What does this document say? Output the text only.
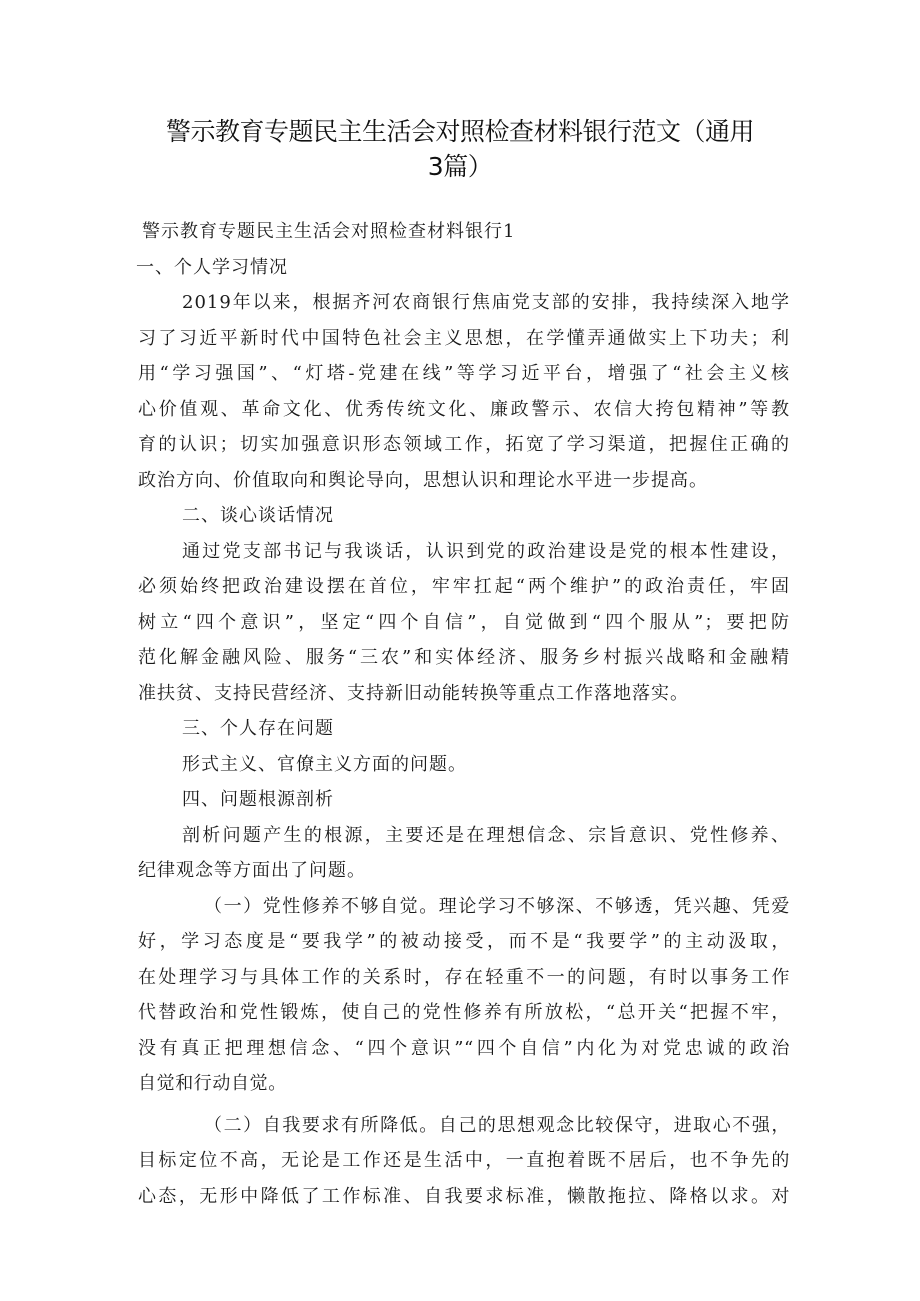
警示教育专题民主生活会对照检查材料银行范文（通用
3篇）
警示教育专题民主生活会对照检查材料银行1
一、个人学习情况
2019年以来，根据齐河农商银行焦庙党支部的安排，我持续深入地学
习了习近平新时代中国特色社会主义思想，在学懂弄通做实上下功夫；利
用“学习强国”、“灯塔-党建在线”等学习近平台，增强了“社会主义核
心价值观、革命文化、优秀传统文化、廉政警示、农信大挎包精神”等教
育的认识；切实加强意识形态领域工作，拓宽了学习渠道，把握住正确的
政治方向、价值取向和舆论导向，思想认识和理论水平进一步提高。
二、谈心谈话情况
通过党支部书记与我谈话，认识到党的政治建设是党的根本性建设，
必须始终把政治建设摆在首位，牢牢扛起“两个维护”的政治责任，牢固
树立“四个意识”，坚定“四个自信”，自觉做到“四个服从”；要把防
范化解金融风险、服务“三农”和实体经济、服务乡村振兴战略和金融精
准扶贫、支持民营经济、支持新旧动能转换等重点工作落地落实。
三、个人存在问题
形式主义、官僚主义方面的问题。
四、问题根源剖析
剖析问题产生的根源，主要还是在理想信念、宗旨意识、党性修养、
纪律观念等方面出了问题。
（一）党性修养不够自觉。理论学习不够深、不够透，凭兴趣、凭爱
好，学习态度是“要我学”的被动接受，而不是“我要学”的主动汲取，
在处理学习与具体工作的关系时，存在轻重不一的问题，有时以事务工作
代替政治和党性锻炼，使自己的党性修养有所放松，“总开关“把握不牢，
没有真正把理想信念、“四个意识”“四个自信”内化为对党忠诚的政治
自觉和行动自觉。
（二）自我要求有所降低。自己的思想观念比较保守，进取心不强，
目标定位不高，无论是工作还是生活中，一直抱着既不居后，也不争先的
心态，无形中降低了工作标准、自我要求标准，懒散拖拉、降格以求。对
